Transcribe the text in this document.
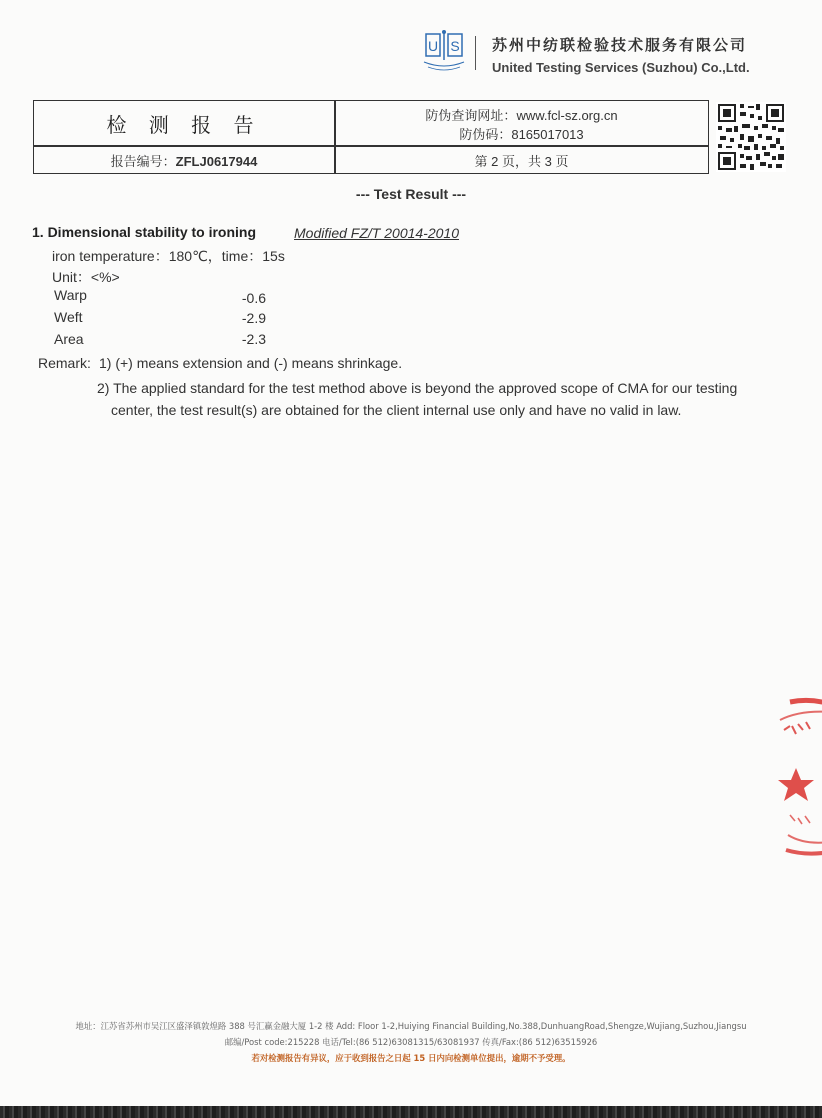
U S 苏州中纺联检验技术服务有限公司
United Testing Services (Suzhou) Co.,Ltd.
检 测 报 告	防伪查询网址：www.fcl-sz.org.cn
防伪码：8165017013
报告编号：ZFLJ0617944	第 2 页，共 3 页
--- Test Result ---
1. Dimensional stability to ironing	Modified FZ/T 20014-2010
iron temperature：180℃，time：15s
Unit：<%>
Warp	-0.6
Weft	-2.9
Area	-2.3
Remark: 1) (+) means extension and (-) means shrinkage.
2) The applied standard for the test method above is beyond the approved scope of CMA for our testing
center, the test result(s) are obtained for the client internal use only and have no valid in law.
地址：江苏省苏州市吴江区盛泽镇敦煌路 388 号汇赢金融大厦 1-2 楼 Add: Floor 1-2,Huiying Financial Building,No.388,DunhuangRoad,Shengze,Wujiang,Suzhou,Jiangsu
邮编/Post code:215228 电话/Tel:(86 512)63081315/63081937 传真/Fax:(86 512)63515926
若对检测报告有异议，应于收到报告之日起 15 日内向检测单位提出，逾期不予受理。
